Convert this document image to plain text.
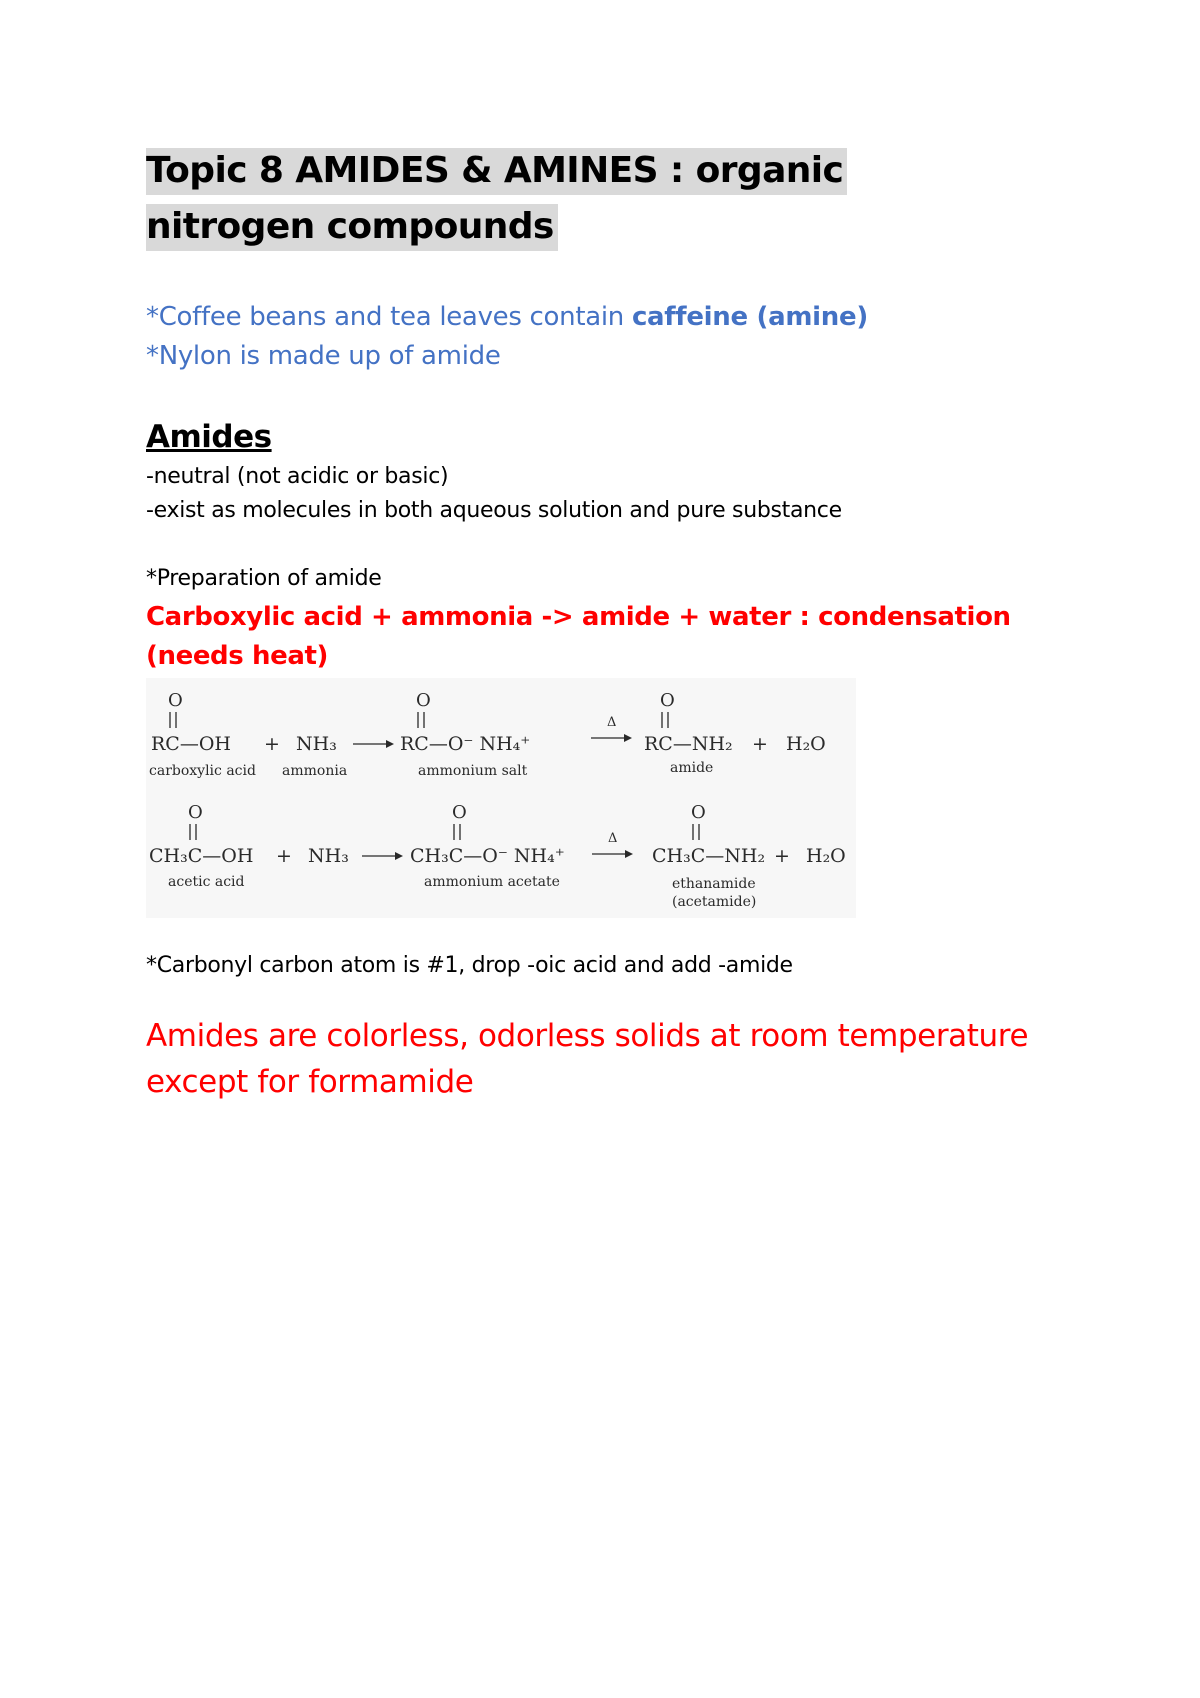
Topic 8 AMIDES & AMINES : organic nitrogen compounds
*Coffee beans and tea leaves contain caffeine (amine)
*Nylon is made up of amide
Amides
-neutral (not acidic or basic)
-exist as molecules in both aqueous solution and pure substance
*Preparation of amide
Carboxylic acid + ammonia -> amide + water : condensation (needs heat)
O
RC—OH + NH₃
O
RC—O⁻ NH₄⁺
Δ
O
RC—NH₂ + H₂O
carboxylic acid ammonia	ammonium salt	amide
O
CH₃C—OH + NH₃
O
CH₃C—O⁻ NH₄⁺
Δ
O
CH₃C—NH₂ + H₂O
acetic acid	ammonium acetate	ethanamide
(acetamide)
*Carbonyl carbon atom is #1, drop -oic acid and add -amide
Amides are colorless, odorless solids at room temperature except for formamide
